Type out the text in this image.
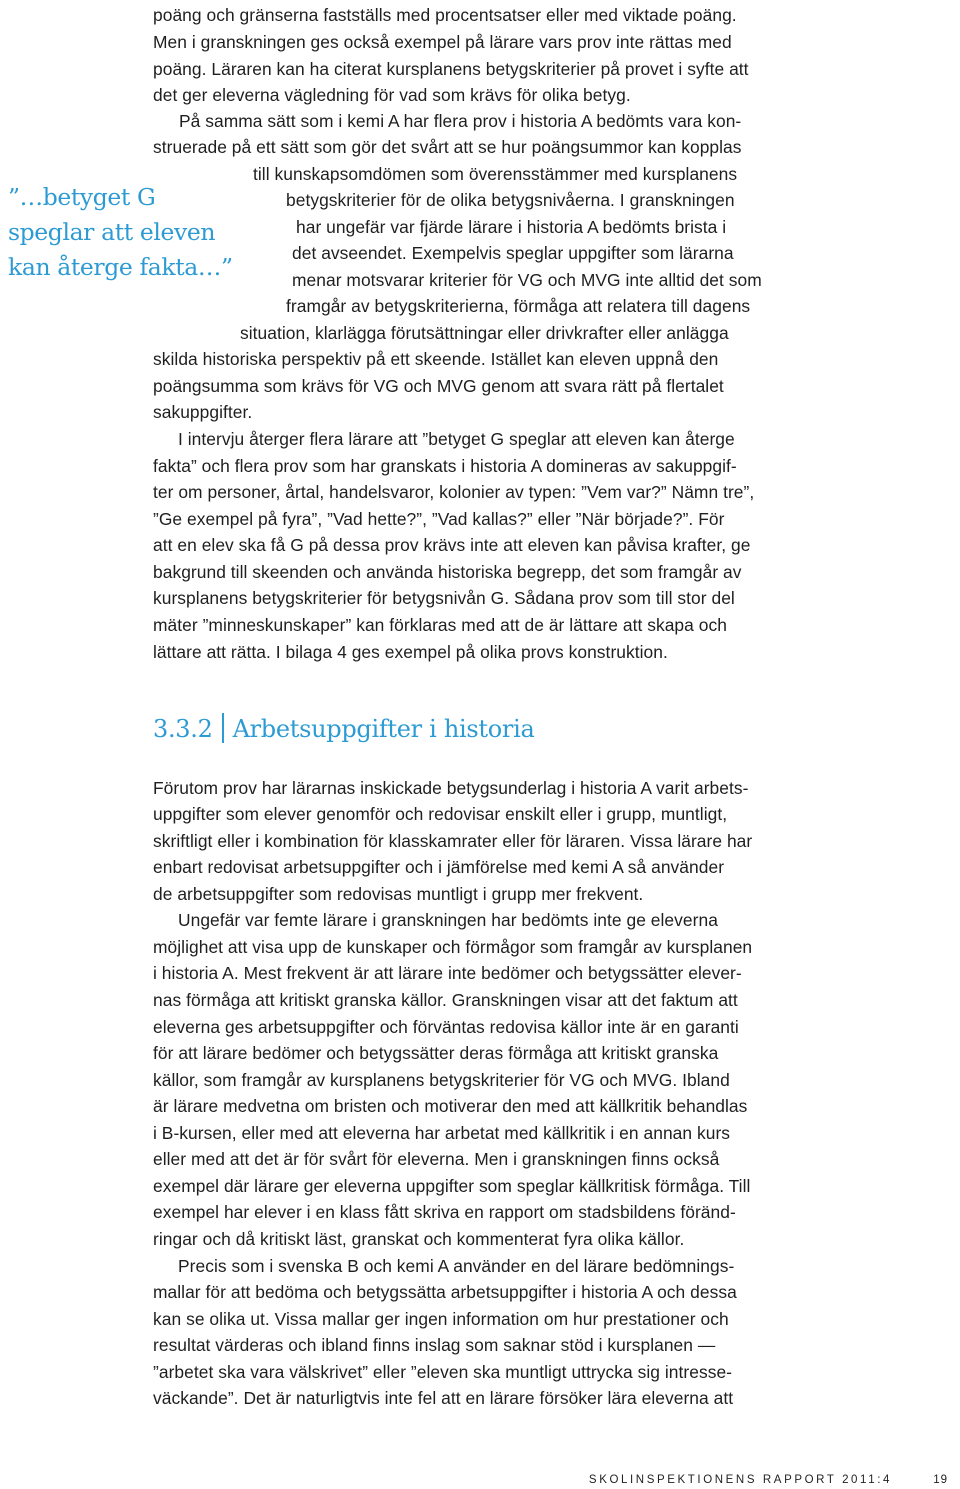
poäng och gränserna fastställs med procentsatser eller med viktade poäng.
Men i granskningen ges också exempel på lärare vars prov inte rättas med
poäng. Läraren kan ha citerat kursplanens betygskriterier på provet i syfte att
det ger eleverna vägledning för vad som krävs för olika betyg.
På samma sätt som i kemi A har flera prov i historia A bedömts vara kon-
struerade på ett sätt som gör det svårt att se hur poängsummor kan kopplas
till kunskapsomdömen som överensstämmer med kursplanens
betygskriterier för de olika betygsnivåerna. I granskningen
har ungefär var fjärde lärare i historia A bedömts brista i
det avseendet. Exempelvis speglar uppgifter som lärarna
menar motsvarar kriterier för VG och MVG inte alltid det som
framgår av betygskriterierna, förmåga att relatera till dagens
situation, klarlägga förutsättningar eller drivkrafter eller anlägga
skilda historiska perspektiv på ett skeende. Istället kan eleven uppnå den
poängsumma som krävs för VG och MVG genom att svara rätt på flertalet
sakuppgifter.
I intervju återger flera lärare att ”betyget G speglar att eleven kan återge
fakta” och flera prov som har granskats i historia A domineras av sakuppgif-
ter om personer, årtal, handelsvaror, kolonier av typen: ”Vem var?” Nämn tre”,
”Ge exempel på fyra”, ”Vad hette?”, ”Vad kallas?” eller ”När började?”. För
att en elev ska få G på dessa prov krävs inte att eleven kan påvisa krafter, ge
bakgrund till skeenden och använda historiska begrepp, det som framgår av
kursplanens betygskriterier för betygsnivån G. Sådana prov som till stor del
mäter ”minneskunskaper” kan förklaras med att de är lättare att skapa och
lättare att rätta. I bilaga 4 ges exempel på olika provs konstruktion.
”…betyget G
speglar att eleven
kan återge fakta…”
3.3.2 Arbetsuppgifter i historia
Förutom prov har lärarnas inskickade betygsunderlag i historia A varit arbets-
uppgifter som elever genomför och redovisar enskilt eller i grupp, muntligt,
skriftligt eller i kombination för klasskamrater eller för läraren. Vissa lärare har
enbart redovisat arbetsuppgifter och i jämförelse med kemi A så använder
de arbetsuppgifter som redovisas muntligt i grupp mer frekvent.
Ungefär var femte lärare i granskningen har bedömts inte ge eleverna
möjlighet att visa upp de kunskaper och förmågor som framgår av kursplanen
i historia A. Mest frekvent är att lärare inte bedömer och betygssätter elever-
nas förmåga att kritiskt granska källor. Granskningen visar att det faktum att
eleverna ges arbetsuppgifter och förväntas redovisa källor inte är en garanti
för att lärare bedömer och betygssätter deras förmåga att kritiskt granska
källor, som framgår av kursplanens betygskriterier för VG och MVG. Ibland
är lärare medvetna om bristen och motiverar den med att källkritik behandlas
i B-kursen, eller med att eleverna har arbetat med källkritik i en annan kurs
eller med att det är för svårt för eleverna. Men i granskningen finns också
exempel där lärare ger eleverna uppgifter som speglar källkritisk förmåga. Till
exempel har elever i en klass fått skriva en rapport om stadsbildens föränd-
ringar och då kritiskt läst, granskat och kommenterat fyra olika källor.
Precis som i svenska B och kemi A använder en del lärare bedömnings-
mallar för att bedöma och betygssätta arbetsuppgifter i historia A och dessa
kan se olika ut. Vissa mallar ger ingen information om hur prestationer och
resultat värderas och ibland finns inslag som saknar stöd i kursplanen —
”arbetet ska vara välskrivet” eller ”eleven ska muntligt uttrycka sig intresse-
väckande”. Det är naturligtvis inte fel att en lärare försöker lära eleverna att
SKOLINSPEKTIONENS RAPPORT 2011:4	19
